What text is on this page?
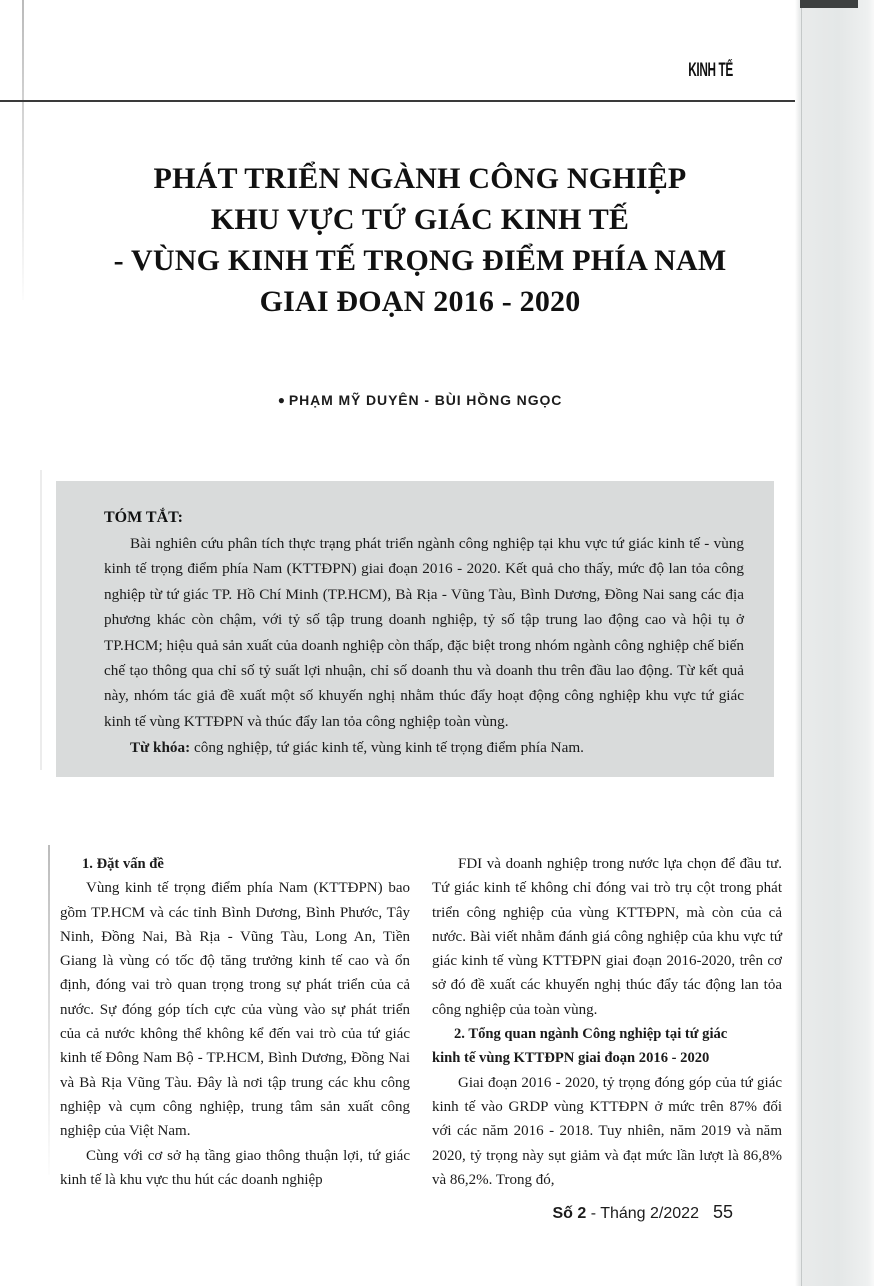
KINH TẾ
PHÁT TRIỂN NGÀNH CÔNG NGHIỆP
KHU VỰC TỨ GIÁC KINH TẾ
- VÙNG KINH TẾ TRỌNG ĐIỂM PHÍA NAM
GIAI ĐOẠN 2016 - 2020
● PHẠM MỸ DUYÊN - BÙI HỒNG NGỌC
TÓM TẮT:
Bài nghiên cứu phân tích thực trạng phát triển ngành công nghiệp tại khu vực tứ giác kinh tế - vùng kinh tế trọng điểm phía Nam (KTTĐPN) giai đoạn 2016 - 2020. Kết quả cho thấy, mức độ lan tỏa công nghiệp từ tứ giác TP. Hồ Chí Minh (TP.HCM), Bà Rịa - Vũng Tàu, Bình Dương, Đồng Nai sang các địa phương khác còn chậm, với tỷ số tập trung doanh nghiệp, tỷ số tập trung lao động cao và hội tụ ở TP.HCM; hiệu quả sản xuất của doanh nghiệp còn thấp, đặc biệt trong nhóm ngành công nghiệp chế biến chế tạo thông qua chỉ số tỷ suất lợi nhuận, chỉ số doanh thu và doanh thu trên đầu lao động. Từ kết quả này, nhóm tác giả đề xuất một số khuyến nghị nhằm thúc đẩy hoạt động công nghiệp khu vực tứ giác kinh tế vùng KTTĐPN và thúc đẩy lan tỏa công nghiệp toàn vùng.
Từ khóa: công nghiệp, tứ giác kinh tế, vùng kinh tế trọng điểm phía Nam.
1. Đặt vấn đề

Vùng kinh tế trọng điểm phía Nam (KTTĐPN) bao gồm TP.HCM và các tỉnh Bình Dương, Bình Phước, Tây Ninh, Đồng Nai, Bà Rịa - Vũng Tàu, Long An, Tiền Giang là vùng có tốc độ tăng trưởng kinh tế cao và ổn định, đóng vai trò quan trọng trong sự phát triển của cả nước. Sự đóng góp tích cực của vùng vào sự phát triển của cả nước không thể không kể đến vai trò của tứ giác kinh tế Đông Nam Bộ - TP.HCM, Bình Dương, Đồng Nai và Bà Rịa Vũng Tàu. Đây là nơi tập trung các khu công nghiệp và cụm công nghiệp, trung tâm sản xuất công nghiệp của Việt Nam.

Cùng với cơ sở hạ tầng giao thông thuận lợi, tứ giác kinh tế là khu vực thu hút các doanh nghiệp

FDI và doanh nghiệp trong nước lựa chọn để đầu tư. Tứ giác kinh tế không chỉ đóng vai trò trụ cột trong phát triển công nghiệp của vùng KTTĐPN, mà còn của cả nước. Bài viết nhằm đánh giá công nghiệp của khu vực tứ giác kinh tế vùng KTTĐPN giai đoạn 2016-2020, trên cơ sở đó đề xuất các khuyến nghị thúc đẩy tác động lan tỏa công nghiệp của toàn vùng.

2. Tổng quan ngành Công nghiệp tại tứ giác
kinh tế vùng KTTĐPN giai đoạn 2016 - 2020

Giai đoạn 2016 - 2020, tỷ trọng đóng góp của tứ giác kinh tế vào GRDP vùng KTTĐPN ở mức trên 87% đối với các năm 2016 - 2018. Tuy nhiên, năm 2019 và năm 2020, tỷ trọng này sụt giảm và đạt mức lần lượt là 86,8% và 86,2%. Trong đó,

Số 2 - Tháng 2/2022 55
